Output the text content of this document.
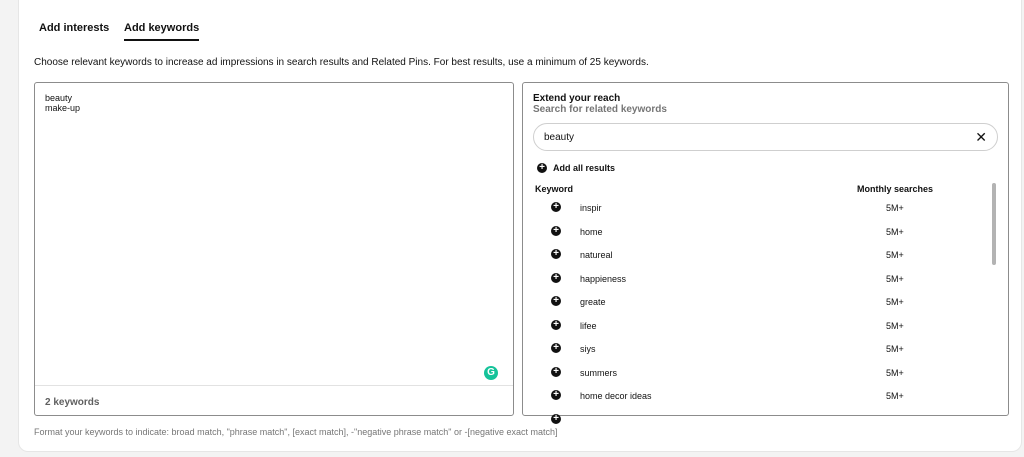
Add interests Add keywords
Choose relevant keywords to increase ad impressions in search results and Related Pins. For best results, use a minimum of 25 keywords.
beauty
make-up
G
2 keywords
Extend your reach
Search for related keywords
beauty
✕
+ Add all results
Keyword	Monthly searches
+ inspir	5M+
+ home	5M+
+ natureal	5M+
+ happieness	5M+
+ greate	5M+
+ lifee	5M+
+ siys	5M+
+ summers	5M+
+ home decor ideas	5M+
+
Format your keywords to indicate: broad match, "phrase match", [exact match], -"negative phrase match" or -[negative exact match]
